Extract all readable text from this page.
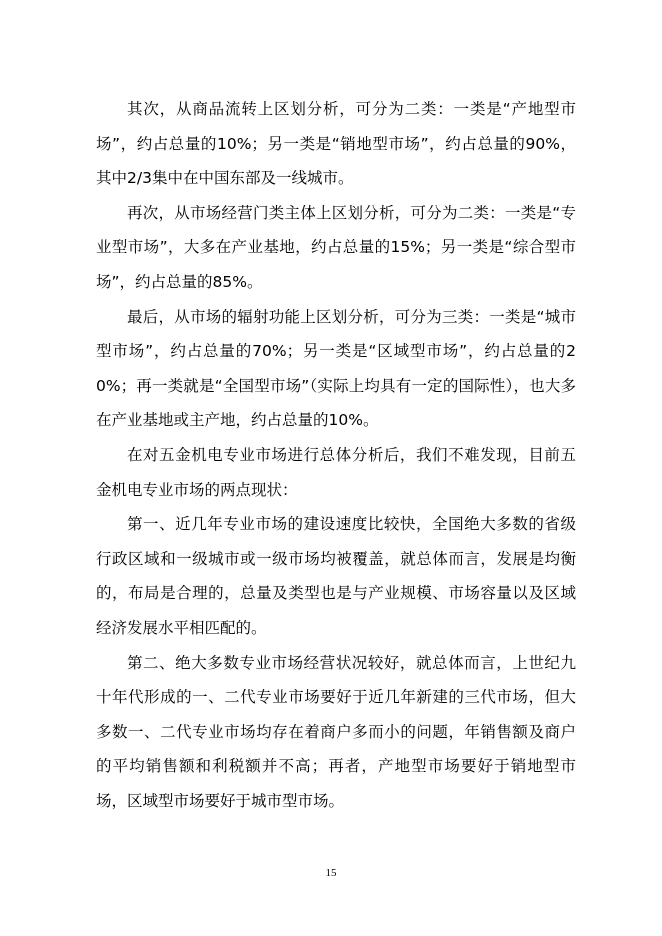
其次，从商品流转上区划分析，可分为二类：一类是“产地型市场”，约占总量的10%；另一类是“销地型市场”，约占总量的90%，其中2/3集中在中国东部及一线城市。

再次，从市场经营门类主体上区划分析，可分为二类：一类是“专业型市场”，大多在产业基地，约占总量的15%；另一类是“综合型市场”，约占总量的85%。

最后，从市场的辐射功能上区划分析，可分为三类：一类是“城市型市场”，约占总量的70%；另一类是“区域型市场”，约占总量的20%；再一类就是“全国型市场”（实际上均具有一定的国际性），也大多在产业基地或主产地，约占总量的10%。

在对五金机电专业市场进行总体分析后，我们不难发现，目前五金机电专业市场的两点现状：

第一、近几年专业市场的建设速度比较快，全国绝大多数的省级行政区域和一级城市或一级市场均被覆盖，就总体而言，发展是均衡的，布局是合理的，总量及类型也是与产业规模、市场容量以及区域经济发展水平相匹配的。

第二、绝大多数专业市场经营状况较好，就总体而言，上世纪九十年代形成的一、二代专业市场要好于近几年新建的三代市场，但大多数一、二代专业市场均存在着商户多而小的问题，年销售额及商户的平均销售额和利税额并不高；再者，产地型市场要好于销地型市场，区域型市场要好于城市型市场。

15
